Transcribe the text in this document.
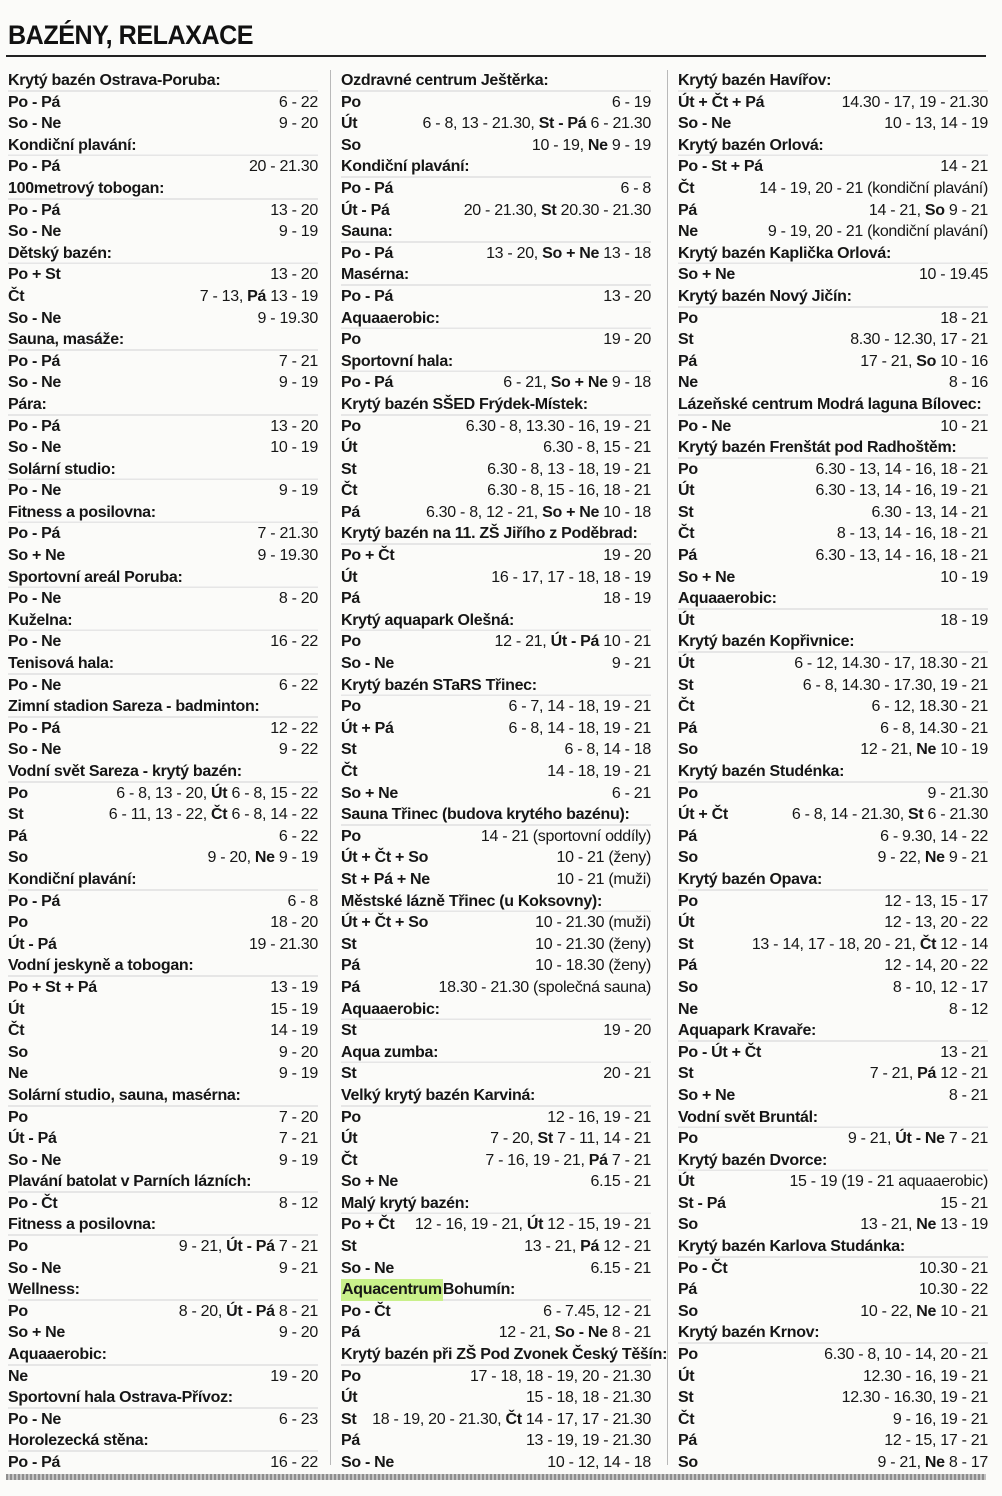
BAZÉNY, RELAXACE
Krytý bazén Ostrava-Poruba:
Po - Pá	6 - 22
So - Ne	9 - 20
Kondiční plavání:
Po - Pá	20 - 21.30
100metrový tobogan:
Po - Pá	13 - 20
So - Ne	9 - 19
Dětský bazén:
Po + St	13 - 20
Čt	7 - 13, Pá 13 - 19
So - Ne	9 - 19.30
Sauna, masáže:
Po - Pá	7 - 21
So - Ne	9 - 19
Pára:
Po - Pá	13 - 20
So - Ne	10 - 19
Solární studio:
Po - Ne	9 - 19
Fitness a posilovna:
Po - Pá	7 - 21.30
So + Ne	9 - 19.30
Sportovní areál Poruba:
Po - Ne	8 - 20
Kuželna:
Po - Ne	16 - 22
Tenisová hala:
Po - Ne	6 - 22
Zimní stadion Sareza - badminton:
Po - Pá	12 - 22
So - Ne	9 - 22
Vodní svět Sareza - krytý bazén:
Po	6 - 8, 13 - 20, Út 6 - 8, 15 - 22
St	6 - 11, 13 - 22, Čt 6 - 8, 14 - 22
Pá	6 - 22
So	9 - 20, Ne 9 - 19
Kondiční plavání:
Po - Pá	6 - 8
Po	18 - 20
Út - Pá	19 - 21.30
Vodní jeskyně a tobogan:
Po + St + Pá	13 - 19
Út	15 - 19
Čt	14 - 19
So	9 - 20
Ne	9 - 19
Solární studio, sauna, masérna:
Po	7 - 20
Út - Pá	7 - 21
So - Ne	9 - 19
Plavání batolat v Parních lázních:
Po - Čt	8 - 12
Fitness a posilovna:
Po	9 - 21, Út - Pá 7 - 21
So - Ne	9 - 21
Wellness:
Po	8 - 20, Út - Pá 8 - 21
So + Ne	9 - 20
Aquaaerobic:
Ne	19 - 20
Sportovní hala Ostrava-Přívoz:
Po - Ne	6 - 23
Horolezecká stěna:
Po - Pá	16 - 22
Ozdravné centrum Ještěrka:
Po	6 - 19
Út	6 - 8, 13 - 21.30, St - Pá 6 - 21.30
So	10 - 19, Ne 9 - 19
Kondiční plavání:
Po - Pá	6 - 8
Út - Pá	20 - 21.30, St 20.30 - 21.30
Sauna:
Po - Pá	13 - 20, So + Ne 13 - 18
Masérna:
Po - Pá	13 - 20
Aquaaerobic:
Po	19 - 20
Sportovní hala:
Po - Pá	6 - 21, So + Ne 9 - 18
Krytý bazén SŠED Frýdek-Místek:
Po	6.30 - 8, 13.30 - 16, 19 - 21
Út	6.30 - 8, 15 - 21
St	6.30 - 8, 13 - 18, 19 - 21
Čt	6.30 - 8, 15 - 16, 18 - 21
Pá	6.30 - 8, 12 - 21, So + Ne 10 - 18
Krytý bazén na 11. ZŠ Jiřího z Poděbrad:
Po + Čt	19 - 20
Út	16 - 17, 17 - 18, 18 - 19
Pá	18 - 19
Krytý aquapark Olešná:
Po	12 - 21, Út - Pá 10 - 21
So - Ne	9 - 21
Krytý bazén STaRS Třinec:
Po	6 - 7, 14 - 18, 19 - 21
Út + Pá	6 - 8, 14 - 18, 19 - 21
St	6 - 8, 14 - 18
Čt	14 - 18, 19 - 21
So + Ne	6 - 21
Sauna Třinec (budova krytého bazénu):
Po	14 - 21 (sportovní oddíly)
Út + Čt + So	10 - 21 (ženy)
St + Pá + Ne	10 - 21 (muži)
Městské lázně Třinec (u Koksovny):
Út + Čt + So	10 - 21.30 (muži)
St	10 - 21.30 (ženy)
Pá	10 - 18.30 (ženy)
Pá	18.30 - 21.30 (společná sauna)
Aquaaerobic:
St	19 - 20
Aqua zumba:
St	20 - 21
Velký krytý bazén Karviná:
Po	12 - 16, 19 - 21
Út	7 - 20, St 7 - 11, 14 - 21
Čt	7 - 16, 19 - 21, Pá 7 - 21
So + Ne	6.15 - 21
Malý krytý bazén:
Po + Čt 12 - 16, 19 - 21, Út 12 - 15, 19 - 21
St	13 - 21, Pá 12 - 21
So - Ne	6.15 - 21
Aquacentrum Bohumín:
Po - Čt	6 - 7.45, 12 - 21
Pá	12 - 21, So - Ne 8 - 21
Krytý bazén při ZŠ Pod Zvonek Český Těšín:
Po	17 - 18, 18 - 19, 20 - 21.30
Út	15 - 18, 18 - 21.30
St 18 - 19, 20 - 21.30, Čt 14 - 17, 17 - 21.30
Pá	13 - 19, 19 - 21.30
So - Ne	10 - 12, 14 - 18
Krytý bazén Havířov:
Út + Čt + Pá	14.30 - 17, 19 - 21.30
So - Ne	10 - 13, 14 - 19
Krytý bazén Orlová:
Po - St + Pá	14 - 21
Čt	14 - 19, 20 - 21 (kondiční plavání)
Pá	14 - 21, So 9 - 21
Ne	9 - 19, 20 - 21 (kondiční plavání)
Krytý bazén Kaplička Orlová:
So + Ne	10 - 19.45
Krytý bazén Nový Jičín:
Po	18 - 21
St	8.30 - 12.30, 17 - 21
Pá	17 - 21, So 10 - 16
Ne	8 - 16
Lázeňské centrum Modrá laguna Bílovec:
Po - Ne	10 - 21
Krytý bazén Frenštát pod Radhoštěm:
Po	6.30 - 13, 14 - 16, 18 - 21
Út	6.30 - 13, 14 - 16, 19 - 21
St	6.30 - 13, 14 - 21
Čt	8 - 13, 14 - 16, 18 - 21
Pá	6.30 - 13, 14 - 16, 18 - 21
So + Ne	10 - 19
Aquaaerobic:
Út	18 - 19
Krytý bazén Kopřivnice:
Út	6 - 12, 14.30 - 17, 18.30 - 21
St	6 - 8, 14.30 - 17.30, 19 - 21
Čt	6 - 12, 18.30 - 21
Pá	6 - 8, 14.30 - 21
So	12 - 21, Ne 10 - 19
Krytý bazén Studénka:
Po	9 - 21.30
Út + Čt	6 - 8, 14 - 21.30, St 6 - 21.30
Pá	6 - 9.30, 14 - 22
So	9 - 22, Ne 9 - 21
Krytý bazén Opava:
Po	12 - 13, 15 - 17
Út	12 - 13, 20 - 22
St	13 - 14, 17 - 18, 20 - 21, Čt 12 - 14
Pá	12 - 14, 20 - 22
So	8 - 10, 12 - 17
Ne	8 - 12
Aquapark Kravaře:
Po - Út + Čt	13 - 21
St	7 - 21, Pá 12 - 21
So + Ne	8 - 21
Vodní svět Bruntál:
Po	9 - 21, Út - Ne 7 - 21
Krytý bazén Dvorce:
Út	15 - 19 (19 - 21 aquaaerobic)
St - Pá	15 - 21
So	13 - 21, Ne 13 - 19
Krytý bazén Karlova Studánka:
Po - Čt	10.30 - 21
Pá	10.30 - 22
So	10 - 22, Ne 10 - 21
Krytý bazén Krnov:
Po	6.30 - 8, 10 - 14, 20 - 21
Út	12.30 - 16, 19 - 21
St	12.30 - 16.30, 19 - 21
Čt	9 - 16, 19 - 21
Pá	12 - 15, 17 - 21
So	9 - 21, Ne 8 - 17
